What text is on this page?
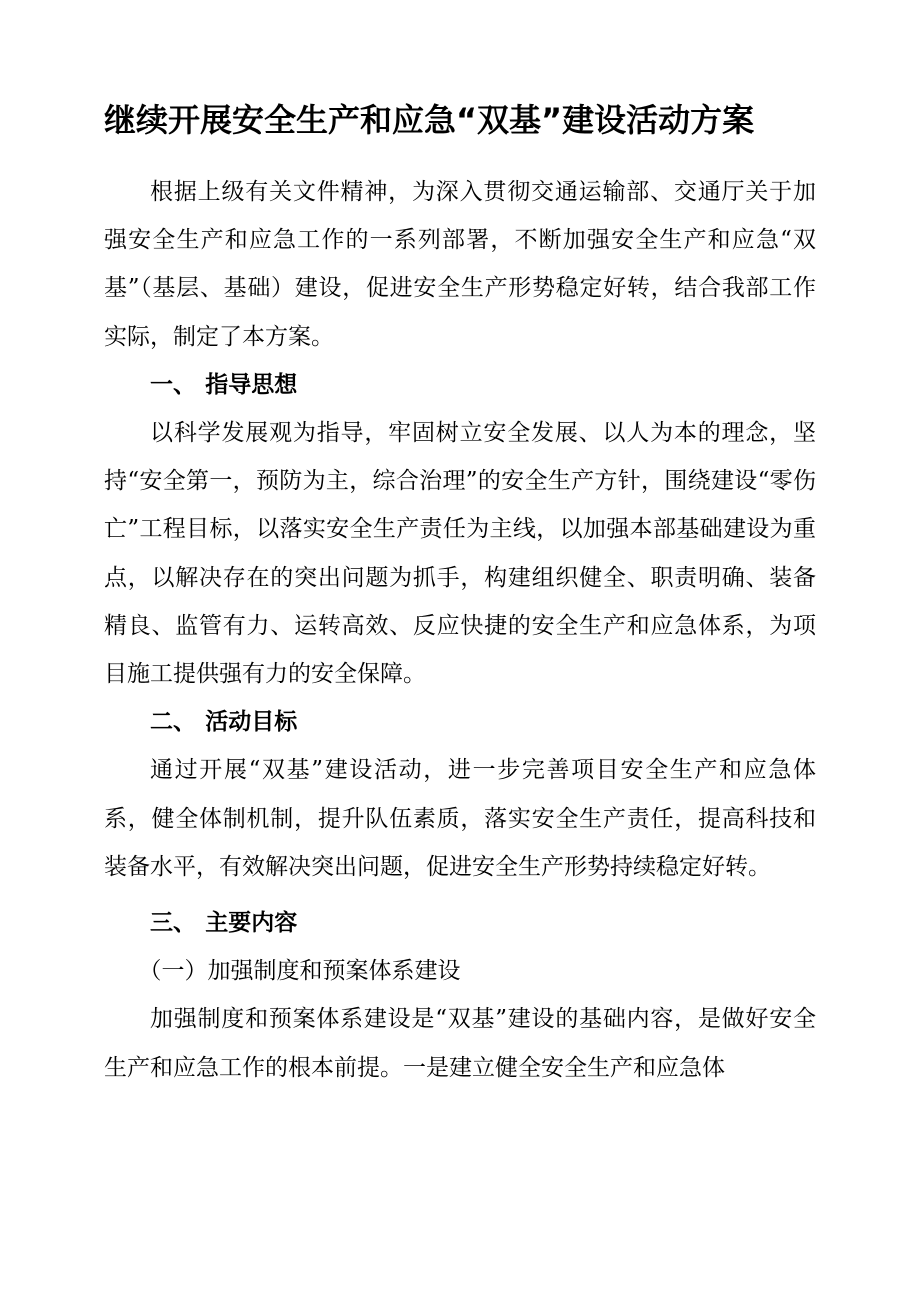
继续开展安全生产和应急“双基”建设活动方案

根据上级有关文件精神，为深入贯彻交通运输部、交通厅关于加强安全生产和应急工作的一系列部署，不断加强安全生产和应急“双基”（基层、基础）建设，促进安全生产形势稳定好转，结合我部工作实际，制定了本方案。

一、 指导思想

以科学发展观为指导，牢固树立安全发展、以人为本的理念，坚持“安全第一，预防为主，综合治理”的安全生产方针，围绕建设“零伤亡”工程目标，以落实安全生产责任为主线，以加强本部基础建设为重点，以解决存在的突出问题为抓手，构建组织健全、职责明确、装备精良、监管有力、运转高效、反应快捷的安全生产和应急体系，为项目施工提供强有力的安全保障。

二、 活动目标

通过开展“双基”建设活动，进一步完善项目安全生产和应急体系，健全体制机制，提升队伍素质，落实安全生产责任，提高科技和装备水平，有效解决突出问题，促进安全生产形势持续稳定好转。

三、 主要内容

（一）加强制度和预案体系建设

加强制度和预案体系建设是“双基”建设的基础内容，是做好安全生产和应急工作的根本前提。一是建立健全安全生产和应急体
